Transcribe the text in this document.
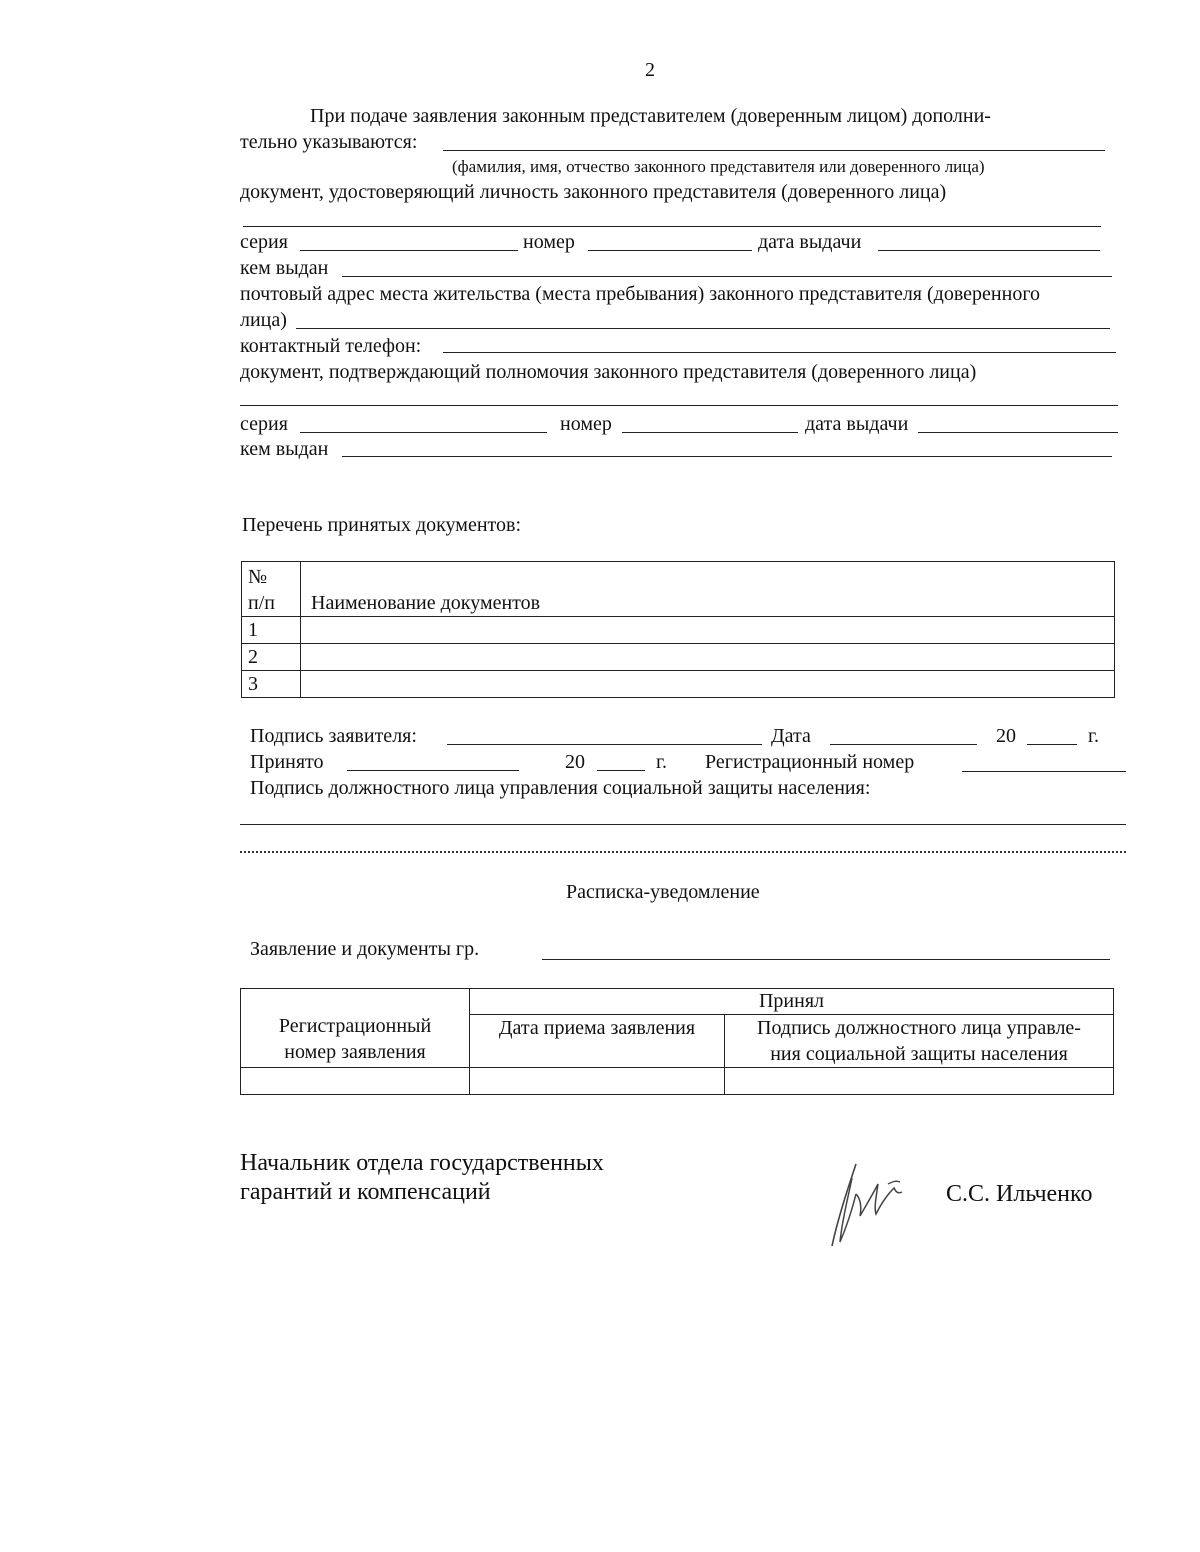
2
При подаче заявления законным представителем (доверенным лицом) дополни-
тельно указываются:
(фамилия, имя, отчество законного представителя или доверенного лица)
документ, удостоверяющий личность законного представителя (доверенного лица)
серия	номер	дата выдачи
кем выдан
почтовый адрес места жительства (места пребывания) законного представителя (доверенного
лица)
контактный телефон:
документ, подтверждающий полномочия законного представителя (доверенного лица)
серия	номер	дата выдачи
кем выдан
Перечень принятых документов:
№
п/п	Наименование документов
1	
2	
3	
Подпись заявителя:	Дата	20	г.
Принято	20	г. Регистрационный номер
Подпись должностного лица управления социальной защиты населения:
Расписка-уведомление
Заявление и документы гр.
Регистрационный
номер заявления	Принял	
	Дата приема заявления	Подпись должностного лица управле-
ния социальной защиты населения

Начальник отдела государственных
гарантий и компенсаций	С.С. Ильченко
